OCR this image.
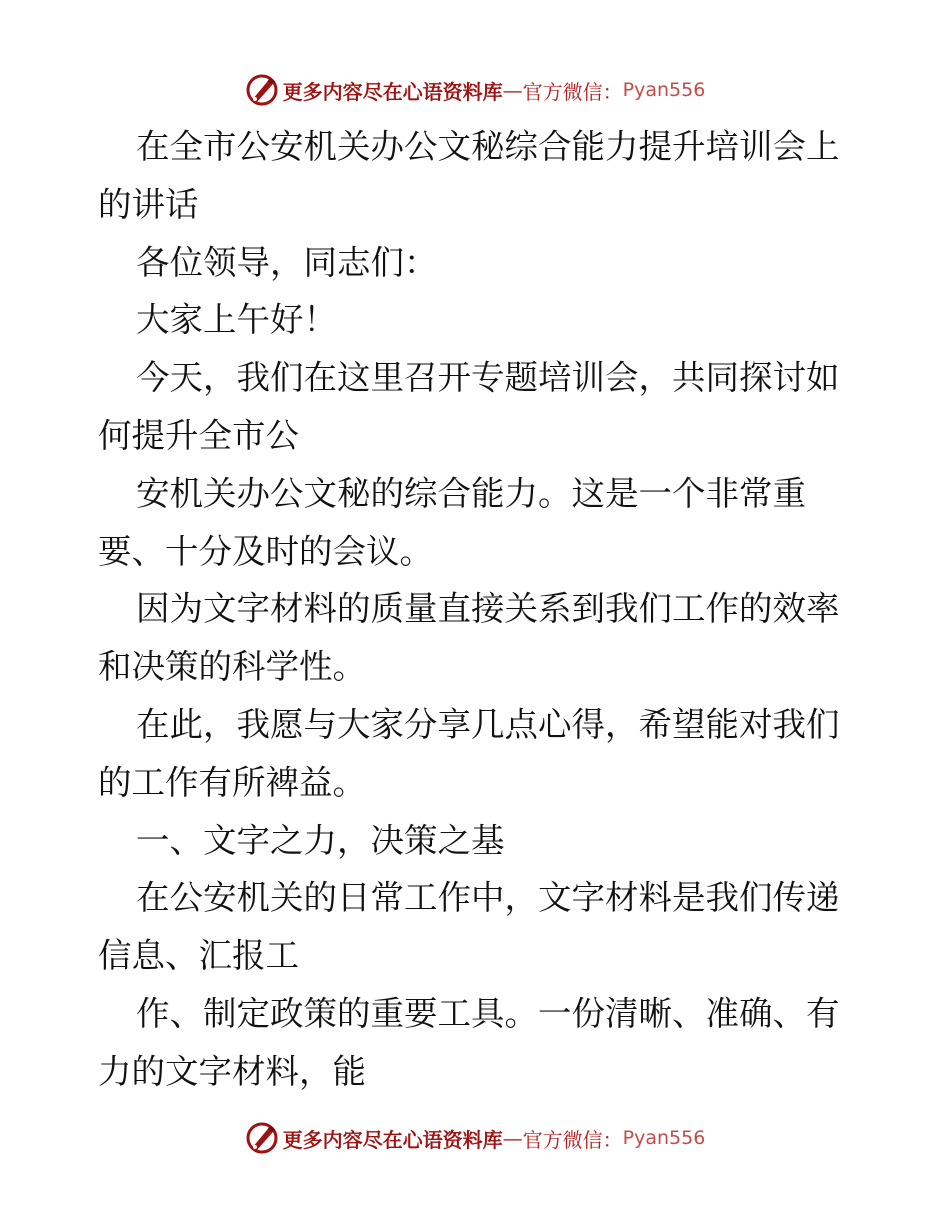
更多内容尽在心语资料库 — 官方微信： Pyan556

在全市公安机关办公文秘综合能力提升培训会上

的讲话

各位领导，同志们：

大家上午好！

今天，我们在这里召开专题培训会，共同探讨如

何提升全市公

安机关办公文秘的综合能力。这是一个非常重

要、十分及时的会议。

因为文字材料的质量直接关系到我们工作的效率

和决策的科学性。

在此，我愿与大家分享几点心得，希望能对我们

的工作有所裨益。

一、文字之力，决策之基

在公安机关的日常工作中，文字材料是我们传递

信息、汇报工

作、制定政策的重要工具。一份清晰、准确、有

力的文字材料，能

更多内容尽在心语资料库 — 官方微信： Pyan556
